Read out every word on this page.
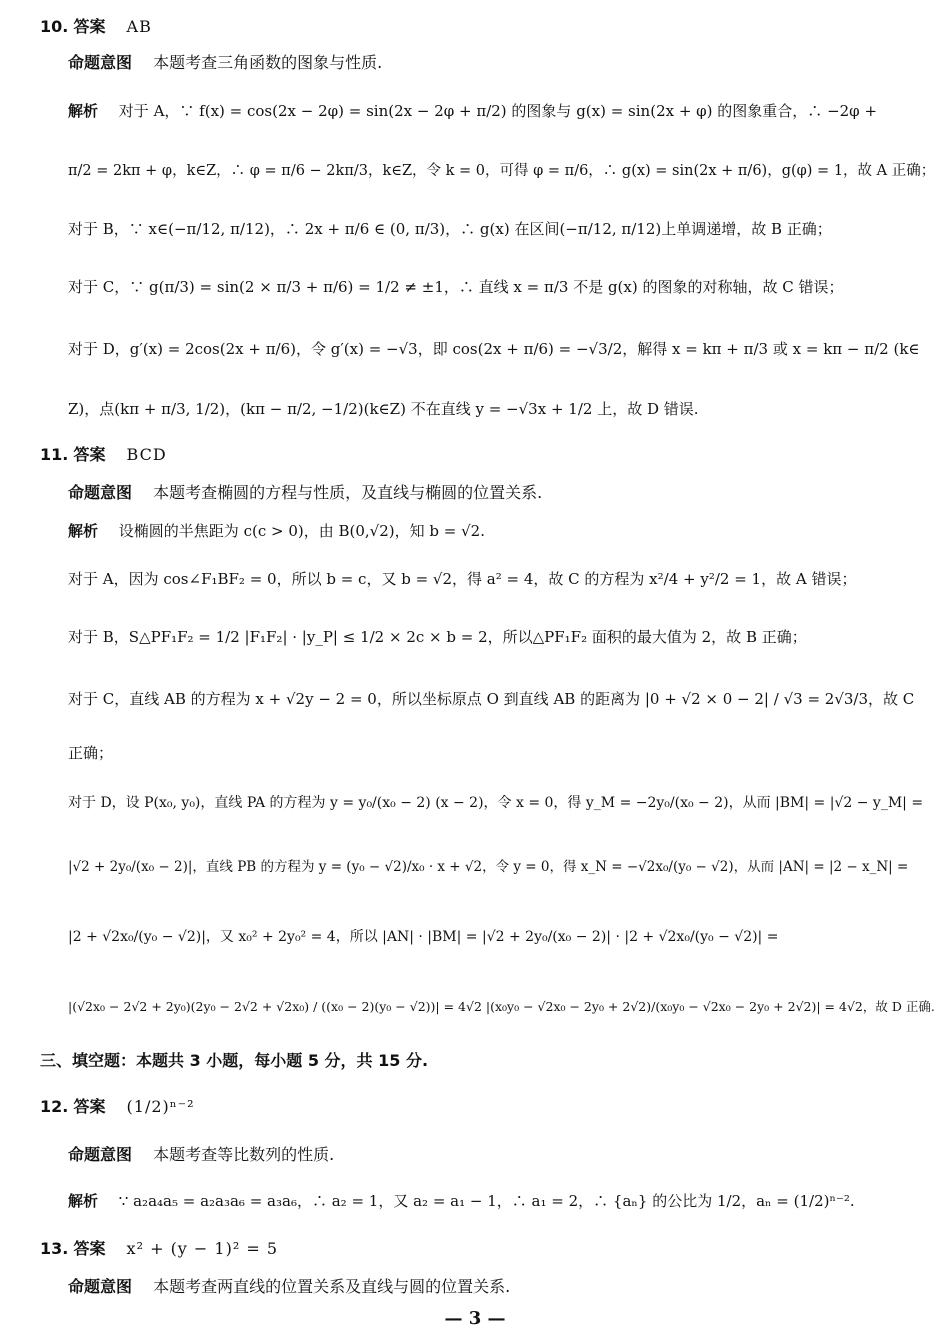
10. 答案 AB
命题意图 本题考查三角函数的图象与性质.
解析 对于 A，∵ f(x) = cos(2x − 2φ) = sin(2x − 2φ + π/2) 的图象与 g(x) = sin(2x + φ) 的图象重合，∴ −2φ +
π/2 = 2kπ + φ，k∈Z，∴ φ = π/6 − 2kπ/3，k∈Z，令 k = 0，可得 φ = π/6，∴ g(x) = sin(2x + π/6)，g(φ) = 1，故 A 正确；
对于 B，∵ x∈(−π/12, π/12)，∴ 2x + π/6 ∈ (0, π/3)，∴ g(x) 在区间(−π/12, π/12)上单调递增，故 B 正确；
对于 C，∵ g(π/3) = sin(2 × π/3 + π/6) = 1/2 ≠ ±1，∴ 直线 x = π/3 不是 g(x) 的图象的对称轴，故 C 错误；
对于 D，g′(x) = 2cos(2x + π/6)，令 g′(x) = −√3，即 cos(2x + π/6) = −√3/2，解得 x = kπ + π/3 或 x = kπ − π/2 (k∈
Z)，点(kπ + π/3, 1/2)，(kπ − π/2, −1/2)(k∈Z) 不在直线 y = −√3x + 1/2 上，故 D 错误.
11. 答案 BCD
命题意图 本题考查椭圆的方程与性质，及直线与椭圆的位置关系.
解析 设椭圆的半焦距为 c(c > 0)，由 B(0,√2)，知 b = √2.
对于 A，因为 cos∠F₁BF₂ = 0，所以 b = c，又 b = √2，得 a² = 4，故 C 的方程为 x²/4 + y²/2 = 1，故 A 错误；
对于 B，S△PF₁F₂ = 1/2 |F₁F₂| · |y_P| ≤ 1/2 × 2c × b = 2，所以△PF₁F₂ 面积的最大值为 2，故 B 正确；
对于 C，直线 AB 的方程为 x + √2y − 2 = 0，所以坐标原点 O 到直线 AB 的距离为 |0 + √2 × 0 − 2| / √3 = 2√3/3，故 C
正确；
对于 D，设 P(x₀, y₀)，直线 PA 的方程为 y = y₀/(x₀ − 2) (x − 2)，令 x = 0，得 y_M = −2y₀/(x₀ − 2)，从而 |BM| = |√2 − y_M| =
|√2 + 2y₀/(x₀ − 2)|，直线 PB 的方程为 y = (y₀ − √2)/x₀ · x + √2，令 y = 0，得 x_N = −√2x₀/(y₀ − √2)，从而 |AN| = |2 − x_N| =
|2 + √2x₀/(y₀ − √2)|，又 x₀² + 2y₀² = 4，所以 |AN| · |BM| = |√2 + 2y₀/(x₀ − 2)| · |2 + √2x₀/(y₀ − √2)| =
|(√2x₀ − 2√2 + 2y₀)(2y₀ − 2√2 + √2x₀) / ((x₀ − 2)(y₀ − √2))| = 4√2 |(x₀y₀ − √2x₀ − 2y₀ + 2√2)/(x₀y₀ − √2x₀ − 2y₀ + 2√2)| = 4√2，故 D 正确.
三、填空题：本题共 3 小题，每小题 5 分，共 15 分.
12. 答案 (1/2)ⁿ⁻²
命题意图 本题考查等比数列的性质.
解析 ∵ a₂a₄a₅ = a₂a₃a₆ = a₃a₆，∴ a₂ = 1，又 a₂ = a₁ − 1，∴ a₁ = 2，∴ {aₙ} 的公比为 1/2，aₙ = (1/2)ⁿ⁻².
13. 答案 x² + (y − 1)² = 5
命题意图 本题考查两直线的位置关系及直线与圆的位置关系.
— 3 —
